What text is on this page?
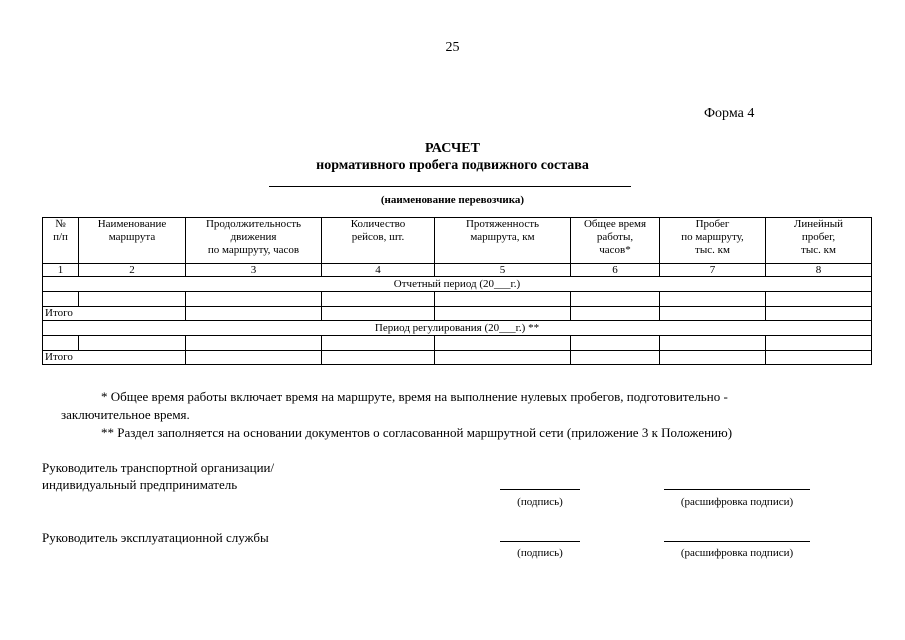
25
Форма 4
РАСЧЕТ
нормативного пробега подвижного состава
(наименование перевозчика)
№
п/п	Наименование
маршрута	Продолжительность
движения
по маршруту, часов	Количество
рейсов, шт.	Протяженность
маршрута, км	Общее время
работы,
часов*	Пробег
по маршруту,
тыс. км	Линейный
пробег,
тыс. км
1	2	3	4	5	6	7	8
Отчетный период (20___г.)							

Итого							
Период регулирования (20___г.) **							

Итого							
* Общее время работы включает время на маршруте, время на выполнение нулевых пробегов, подготовительно -
заключительное время.
** Раздел заполняется на основании документов о согласованной маршрутной сети (приложение 3 к Положению)
Руководитель транспортной организации/
индивидуальный предприниматель
(подпись)	(расшифровка подписи)
Руководитель эксплуатационной службы
(подпись)	(расшифровка подписи)
